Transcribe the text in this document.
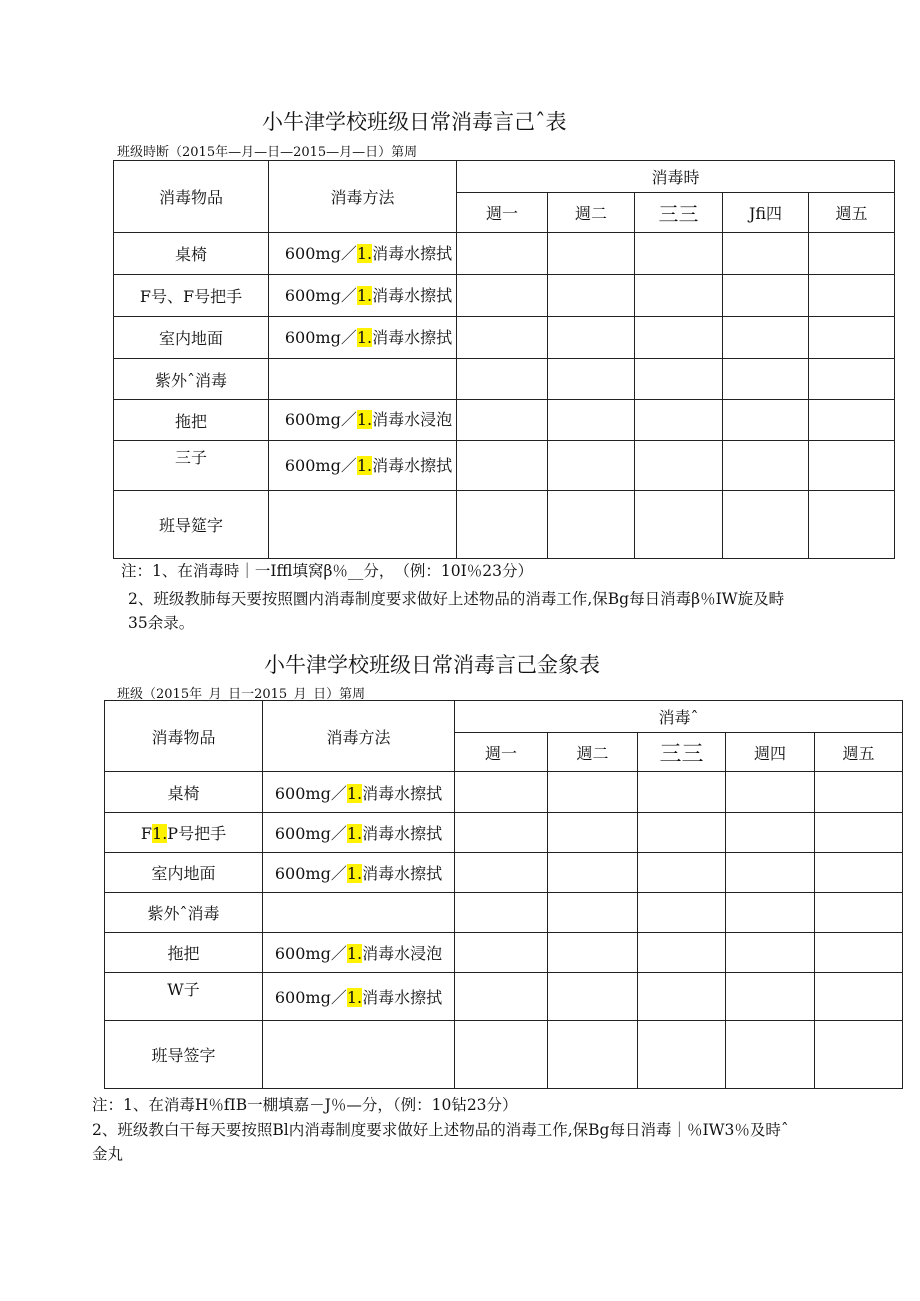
小牛津学校班级日常消毒言己ˆ表
班级時断（2015年—月—日—2015—月—日）第周
消毒物品	消毒方法	消毒時				
		週一	週二	三三	Jfi四	週五
桌椅	600mg／1.消毒水擦拭					
F号、F号把手	600mg／1.消毒水擦拭					
室内地面	600mg／1.消毒水擦拭					
紫外ˆ消毒						
拖把	600mg／1.消毒水浸泡					
三子	600mg／1.消毒水擦拭					
班导筵字						
注：1、在消毒時｜一Iffl填窝β％__分，　（例：10I％23分）
2、班级教肺每天要按照圜内消毒制度要求做好上述物品的消毒工作,保Bg每日消毒β％IW旋及畤
35余录。
小牛津学校班级日常消毒言己金象表
班级（2015年_月_日一2015_月_日）第周
消毒物品	消毒方法	消毒ˆ				
		週一	週二	三三	週四	週五
桌椅	600mg／1.消毒水擦拭					
F1.P号把手	600mg／1.消毒水擦拭					
室内地面	600mg／1.消毒水擦拭					
紫外ˆ消毒						
拖把	600mg／1.消毒水浸泡					
W子	600mg／1.消毒水擦拭					
班导签字						
注：1、在消毒H％fIB一棚填嘉－J％—分，（例：10钻23分）
2、班级教白干每天要按照Bl内消毒制度要求做好上述物品的消毒工作,保Bg每日消毒｜％IW3％及時ˆ
金丸
